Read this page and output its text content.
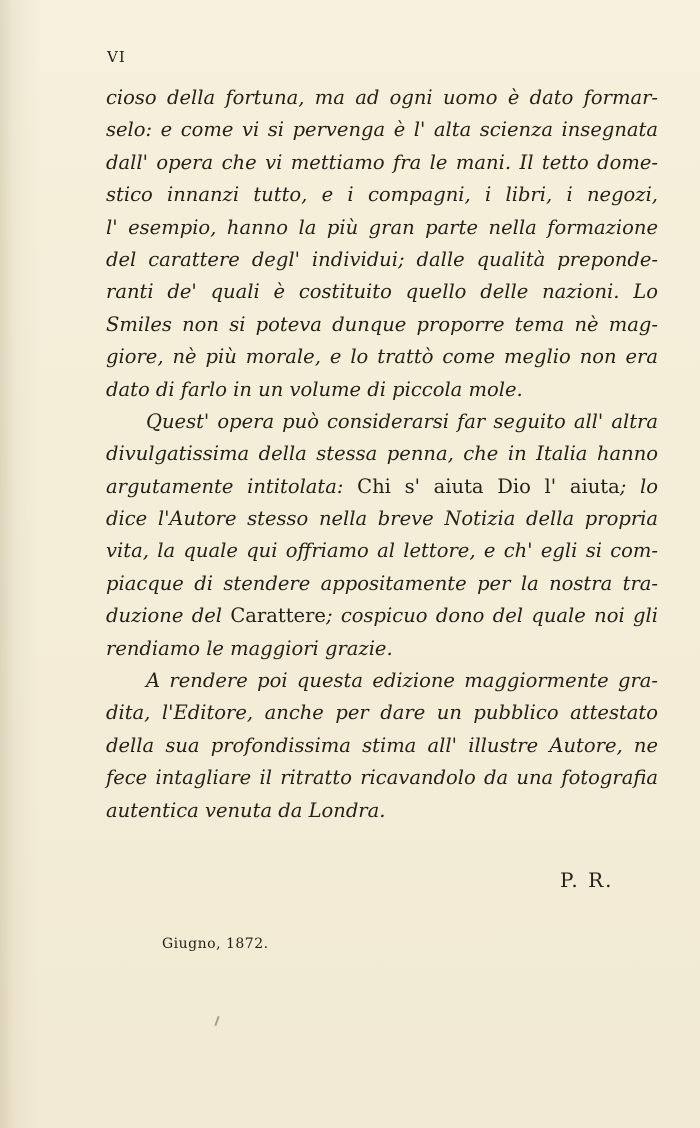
VI
cioso della fortuna, ma ad ogni uomo è dato formar-
selo: e come vi si pervenga è l' alta scienza insegnata
dall' opera che vi mettiamo fra le mani. Il tetto dome-
stico innanzi tutto, e i compagni, i libri, i negozi,
l' esempio, hanno la più gran parte nella formazione
del carattere degl' individui; dalle qualità preponde-
ranti de' quali è costituito quello delle nazioni. Lo
Smiles non si poteva dunque proporre tema nè mag-
giore, nè più morale, e lo trattò come meglio non era
dato di farlo in un volume di piccola mole.
Quest' opera può considerarsi far seguito all' altra
divulgatissima della stessa penna, che in Italia hanno
argutamente intitolata: Chi s' aiuta Dio l' aiuta; lo
dice l'Autore stesso nella breve Notizia della propria
vita, la quale qui offriamo al lettore, e ch' egli si com-
piacque di stendere appositamente per la nostra tra-
duzione del Carattere; cospicuo dono del quale noi gli
rendiamo le maggiori grazie.
A rendere poi questa edizione maggiormente gra-
dita, l'Editore, anche per dare un pubblico attestato
della sua profondissima stima all' illustre Autore, ne
fece intagliare il ritratto ricavandolo da una fotografia
autentica venuta da Londra.
P. R.
Giugno, 1872.
